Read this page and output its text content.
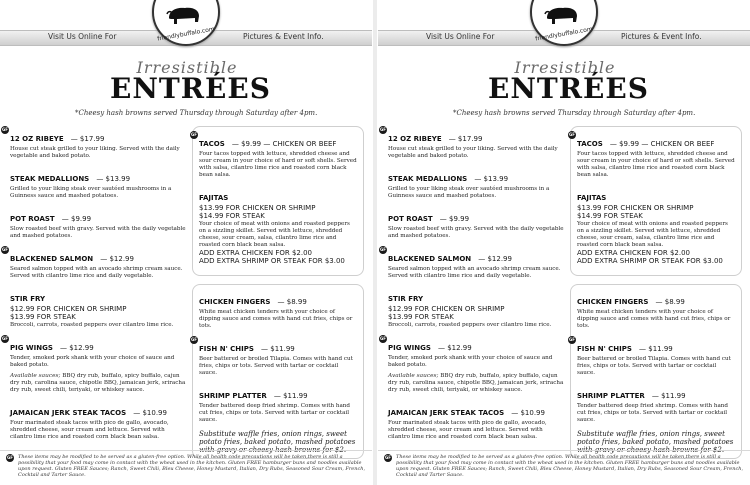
Visit Us Online For	Pictures & Event Info.
friendlybuffalo.com
Irresistible
ENTRÉES
*Cheesy hash browns served Thursday through Saturday after 4pm.
GF
12 OZ RIBEYE — $17.99
House cut steak grilled to your liking. Served with the daily vegetable and baked potato.
STEAK MEDALLIONS — $13.99
Grilled to your liking steak over sautéed mushrooms in a Guinness sauce and mashed potatoes.
POT ROAST — $9.99
Slow roasted beef with gravy. Served with the daily vegetable and mashed potatoes.
GF
BLACKENED SALMON — $12.99
Seared salmon topped with an avocado shrimp cream sauce. Served with cilantro lime rice and daily vegetable.
STIR FRY
$12.99 FOR CHICKEN OR SHRIMP
$13.99 FOR STEAK
Broccoli, carrots, roasted peppers over cilantro lime rice.
GF
PIG WINGS — $12.99
Tender, smoked pork shank with your choice of sauce and baked potato.
Available sauces; BBQ dry rub, buffalo, spicy buffalo, cajun dry rub, carolina sauce, chipotle BBQ, jamaican jerk, sriracha dry rub, sweet chili, teriyaki, or whiskey sauce.
JAMAICAN JERK STEAK TACOS — $10.99
Four marinated steak tacos with pico de gallo, avocado, shredded cheese, sour cream and lettuce. Served with cilantro lime rice and roasted corn black bean salsa.
GF
TACOS — $9.99 — CHICKEN OR BEEF
Four tacos topped with lettuce, shredded cheese and sour cream in your choice of hard or soft shells. Served with salsa, cilantro lime rice and roasted corn black bean salsa.
FAJITAS
$13.99 FOR CHICKEN OR SHRIMP
$14.99 FOR STEAK
Your choice of meat with onions and roasted peppers on a sizzling skillet. Served with lettuce, shredded cheese, sour cream, salsa, cilantro lime rice and roasted corn black bean salsa.
ADD EXTRA CHICKEN FOR $2.00
ADD EXTRA SHRIMP OR STEAK FOR $3.00
CHICKEN FINGERS — $8.99
White meat chicken tenders with your choice of dipping sauce and comes with hand cut fries, chips or tots.
GF
FISH N' CHIPS — $11.99
Beer battered or broiled Tilapia. Comes with hand cut fries, chips or tots. Served with tartar or cocktail sauce.
SHRIMP PLATTER — $11.99
Tender battered deep fried shrimp. Comes with hand cut fries, chips or tots. Served with tartar or cocktail sauce.
Substitute waffle fries, onion rings, sweet potato fries, baked potato, mashed potatoes with gravy or cheesy hash browns for $2.
GF These items may be modified to be served as a gluten-free option. While all health code precautions will be taken,there is still a possibility that your food may come in contact with the wheat used in the kitchen. Gluten FREE hamburger buns and noodles available upon request. Gluten FREE Sauces; Ranch, Sweet Chili, Bleu Cheese, Honey Mustard, Italian, Dry Rubs, Seasoned Sour Cream, French, Cocktail and Tarter Sauce.
Visit Us Online For	Pictures & Event Info.
friendlybuffalo.com
Irresistible
ENTRÉES
*Cheesy hash browns served Thursday through Saturday after 4pm.
GF
12 OZ RIBEYE — $17.99
House cut steak grilled to your liking. Served with the daily vegetable and baked potato.
STEAK MEDALLIONS — $13.99
Grilled to your liking steak over sautéed mushrooms in a Guinness sauce and mashed potatoes.
POT ROAST — $9.99
Slow roasted beef with gravy. Served with the daily vegetable and mashed potatoes.
GF
BLACKENED SALMON — $12.99
Seared salmon topped with an avocado shrimp cream sauce. Served with cilantro lime rice and daily vegetable.
STIR FRY
$12.99 FOR CHICKEN OR SHRIMP
$13.99 FOR STEAK
Broccoli, carrots, roasted peppers over cilantro lime rice.
GF
PIG WINGS — $12.99
Tender, smoked pork shank with your choice of sauce and baked potato.
Available sauces; BBQ dry rub, buffalo, spicy buffalo, cajun dry rub, carolina sauce, chipotle BBQ, jamaican jerk, sriracha dry rub, sweet chili, teriyaki, or whiskey sauce.
JAMAICAN JERK STEAK TACOS — $10.99
Four marinated steak tacos with pico de gallo, avocado, shredded cheese, sour cream and lettuce. Served with cilantro lime rice and roasted corn black bean salsa.
GF
TACOS — $9.99 — CHICKEN OR BEEF
Four tacos topped with lettuce, shredded cheese and sour cream in your choice of hard or soft shells. Served with salsa, cilantro lime rice and roasted corn black bean salsa.
FAJITAS
$13.99 FOR CHICKEN OR SHRIMP
$14.99 FOR STEAK
Your choice of meat with onions and roasted peppers on a sizzling skillet. Served with lettuce, shredded cheese, sour cream, salsa, cilantro lime rice and roasted corn black bean salsa.
ADD EXTRA CHICKEN FOR $2.00
ADD EXTRA SHRIMP OR STEAK FOR $3.00
CHICKEN FINGERS — $8.99
White meat chicken tenders with your choice of dipping sauce and comes with hand cut fries, chips or tots.
GF
FISH N' CHIPS — $11.99
Beer battered or broiled Tilapia. Comes with hand cut fries, chips or tots. Served with tartar or cocktail sauce.
SHRIMP PLATTER — $11.99
Tender battered deep fried shrimp. Comes with hand cut fries, chips or tots. Served with tartar or cocktail sauce.
Substitute waffle fries, onion rings, sweet potato fries, baked potato, mashed potatoes with gravy or cheesy hash browns for $2.
GF These items may be modified to be served as a gluten-free option. While all health code precautions will be taken,there is still a possibility that your food may come in contact with the wheat used in the kitchen. Gluten FREE hamburger buns and noodles available upon request. Gluten FREE Sauces; Ranch, Sweet Chili, Bleu Cheese, Honey Mustard, Italian, Dry Rubs, Seasoned Sour Cream, French, Cocktail and Tarter Sauce.
